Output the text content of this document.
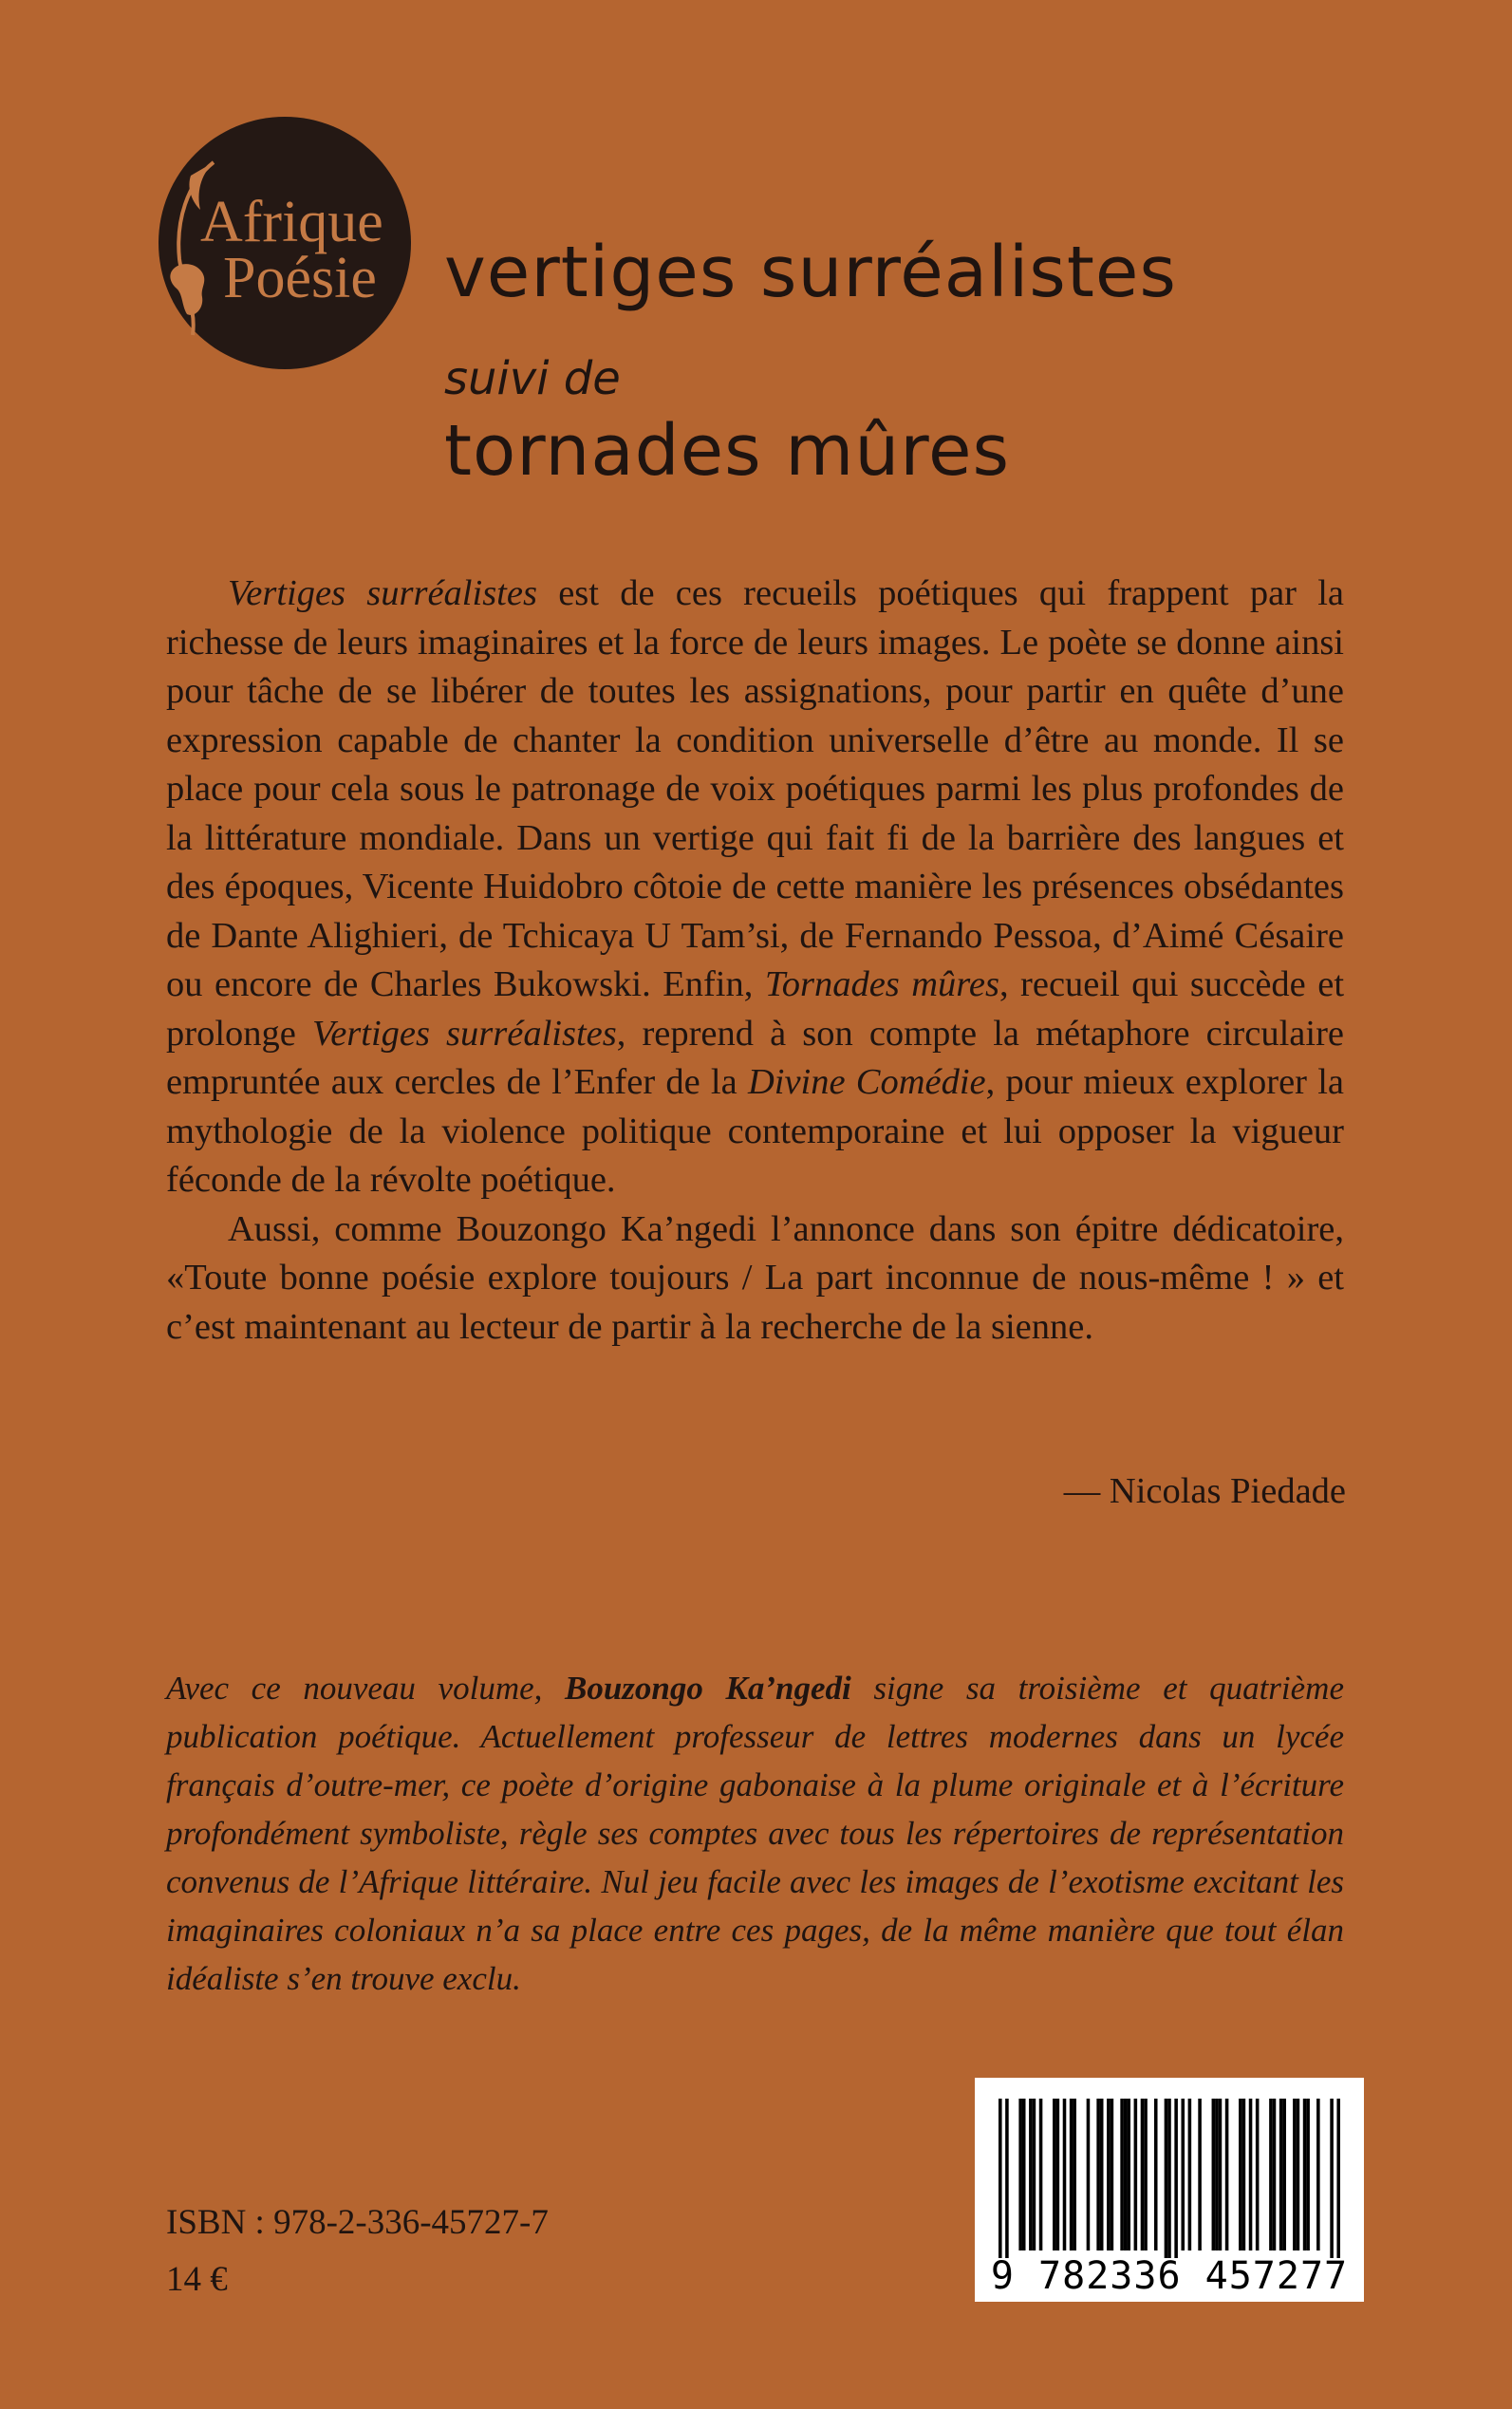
Afrique
Poésie vertiges surréalistes
suivi de
tornades mûres

Vertiges surréalistes est de ces recueils poétiques qui frappent par la richesse de leurs imaginaires et la force de leurs images. Le poète se donne ainsi pour tâche de se libérer de toutes les assignations, pour partir en quête d’une expression capable de chanter la condition universelle d’être au monde. Il se place pour cela sous le patronage de voix poétiques parmi les plus profondes de la littérature mondiale. Dans un vertige qui fait fi de la barrière des langues et des époques, Vicente Huidobro côtoie de cette manière les présences obsédantes de Dante Alighieri, de Tchicaya U Tam’si, de Fernando Pessoa, d’Aimé Césaire ou encore de Charles Bukowski. Enfin, Tornades mûres, recueil qui succède et prolonge Vertiges surréalistes, reprend à son compte la métaphore circulaire empruntée aux cercles de l’Enfer de la Divine Comédie, pour mieux explorer la mythologie de la violence politique contemporaine et lui opposer la vigueur féconde de la révolte poétique.

Aussi, comme Bouzongo Ka’ngedi l’annonce dans son épitre dédicatoire, «Toute bonne poésie explore toujours / La part inconnue de nous-même ! » et c’est maintenant au lecteur de partir à la recherche de la sienne.

— Nicolas Piedade
Avec ce nouveau volume, Bouzongo Ka’ngedi signe sa troisième et quatrième publication poétique. Actuellement professeur de lettres modernes dans un lycée français d’outre-mer, ce poète d’origine gabonaise à la plume originale et à l’écriture profondément symboliste, règle ses comptes avec tous les répertoires de représentation convenus de l’Afrique littéraire. Nul jeu facile avec les images de l’exotisme excitant les imaginaires coloniaux n’a sa place entre ces pages, de la même manière que tout élan idéaliste s’en trouve exclu.
9 782336 457277
ISBN : 978-2-336-45727-7
14 €
